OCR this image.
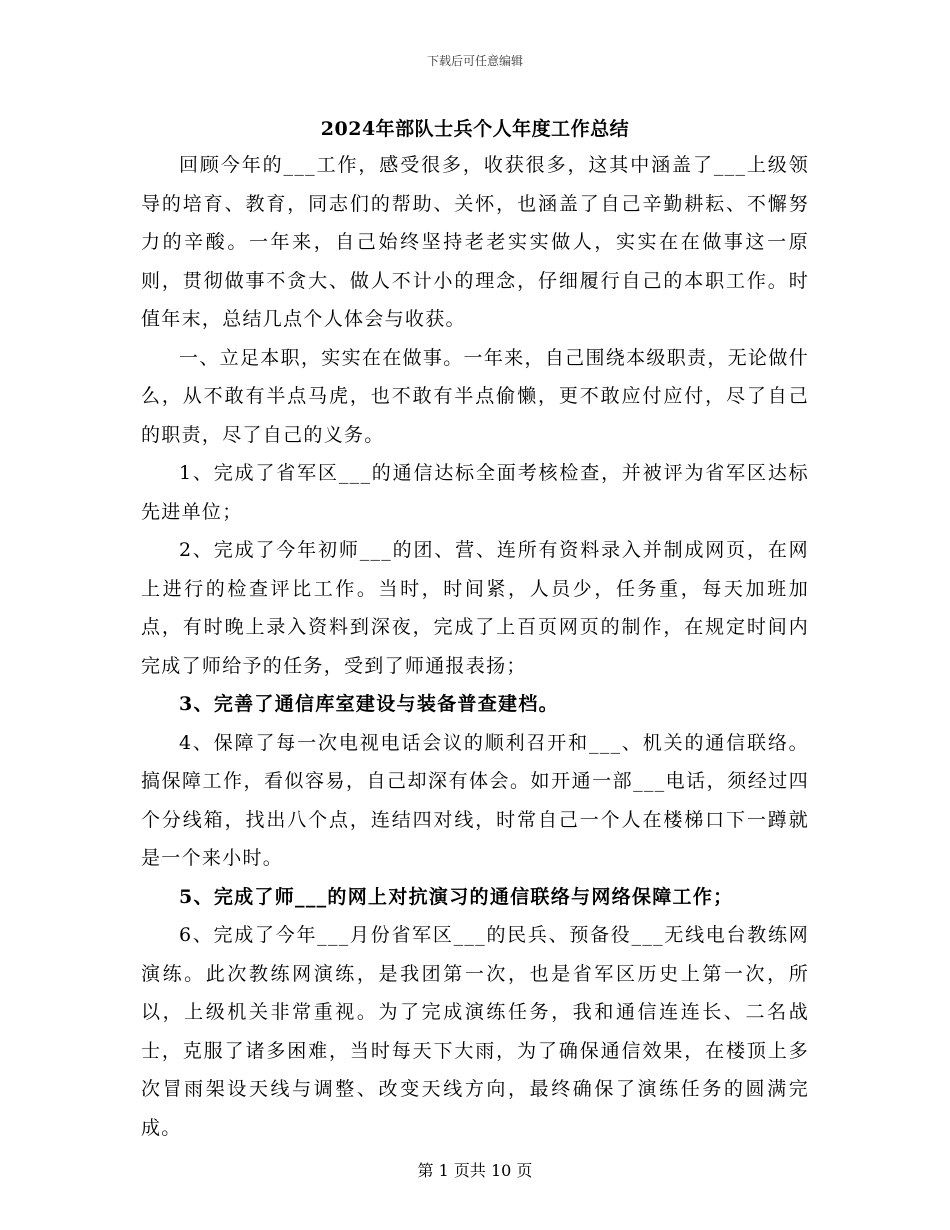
下载后可任意编辑
2024年部队士兵个人年度工作总结

回顾今年的___工作，感受很多，收获很多，这其中涵盖了___上级领导的培育、教育，同志们的帮助、关怀，也涵盖了自己辛勤耕耘、不懈努力的辛酸。一年来，自己始终坚持老老实实做人，实实在在做事这一原则，贯彻做事不贪大、做人不计小的理念，仔细履行自己的本职工作。时值年末，总结几点个人体会与收获。

一、立足本职，实实在在做事。一年来，自己围绕本级职责，无论做什么，从不敢有半点马虎，也不敢有半点偷懒，更不敢应付应付，尽了自己的职责，尽了自己的义务。

1、完成了省军区___的通信达标全面考核检查，并被评为省军区达标先进单位；

2、完成了今年初师___的团、营、连所有资料录入并制成网页，在网上进行的检查评比工作。当时，时间紧，人员少，任务重，每天加班加点，有时晚上录入资料到深夜，完成了上百页网页的制作，在规定时间内完成了师给予的任务，受到了师通报表扬；

3、完善了通信库室建设与装备普查建档。

4、保障了每一次电视电话会议的顺利召开和___、机关的通信联络。搞保障工作，看似容易，自己却深有体会。如开通一部___电话，须经过四个分线箱，找出八个点，连结四对线，时常自己一个人在楼梯口下一蹲就是一个来小时。

5、完成了师___的网上对抗演习的通信联络与网络保障工作；

6、完成了今年___月份省军区___的民兵、预备役___无线电台教练网演练。此次教练网演练，是我团第一次，也是省军区历史上第一次，所以，上级机关非常重视。为了完成演练任务，我和通信连连长、二名战士，克服了诸多困难，当时每天下大雨，为了确保通信效果，在楼顶上多次冒雨架设天线与调整、改变天线方向，最终确保了演练任务的圆满完成。

第 1 页共 10 页
